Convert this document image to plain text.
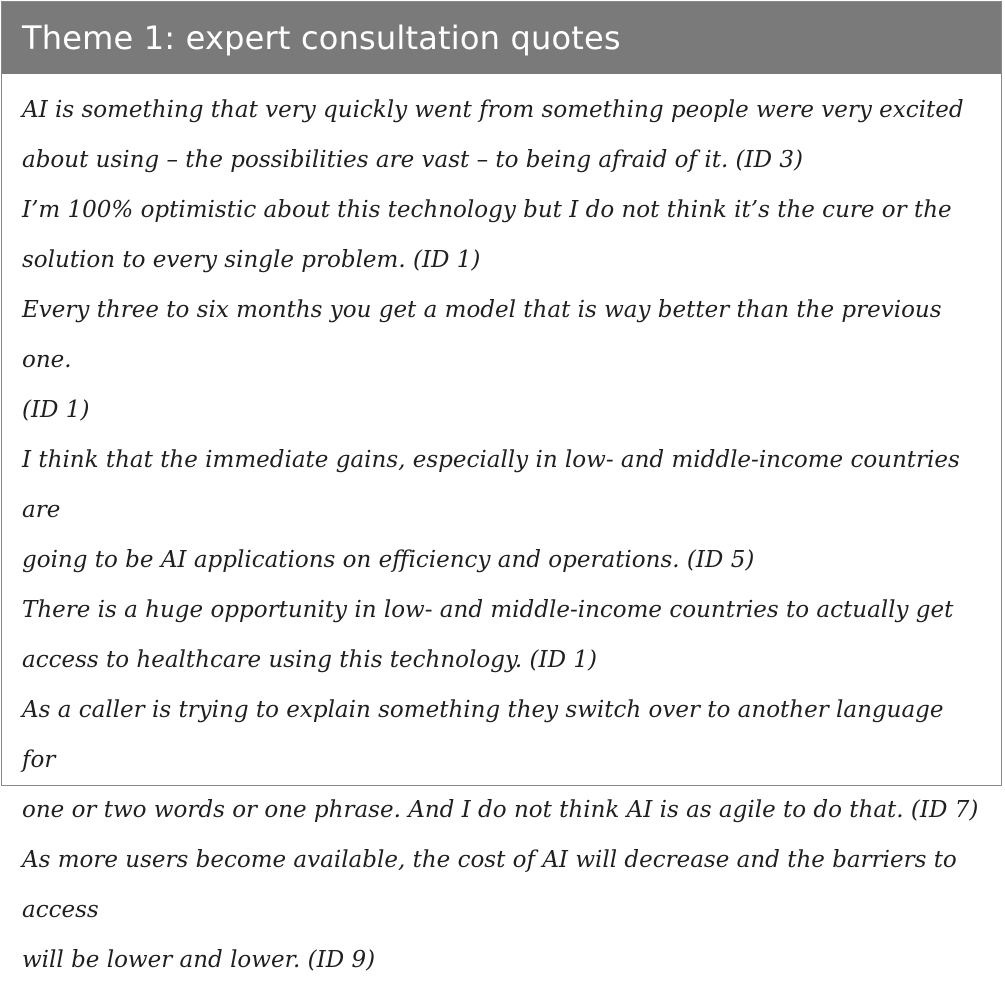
Theme 1: expert consultation quotes

AI is something that very quickly went from something people were very excited

about using – the possibilities are vast – to being afraid of it. (ID 3)

I’m 100% optimistic about this technology but I do not think it’s the cure or the

solution to every single problem. (ID 1)

Every three to six months you get a model that is way better than the previous one.

(ID 1)

I think that the immediate gains, especially in low- and middle-income countries are

going to be AI applications on efficiency and operations. (ID 5)

There is a huge opportunity in low- and middle-income countries to actually get

access to healthcare using this technology. (ID 1)

As a caller is trying to explain something they switch over to another language for

one or two words or one phrase. And I do not think AI is as agile to do that. (ID 7)

As more users become available, the cost of AI will decrease and the barriers to access

will be lower and lower. (ID 9)
